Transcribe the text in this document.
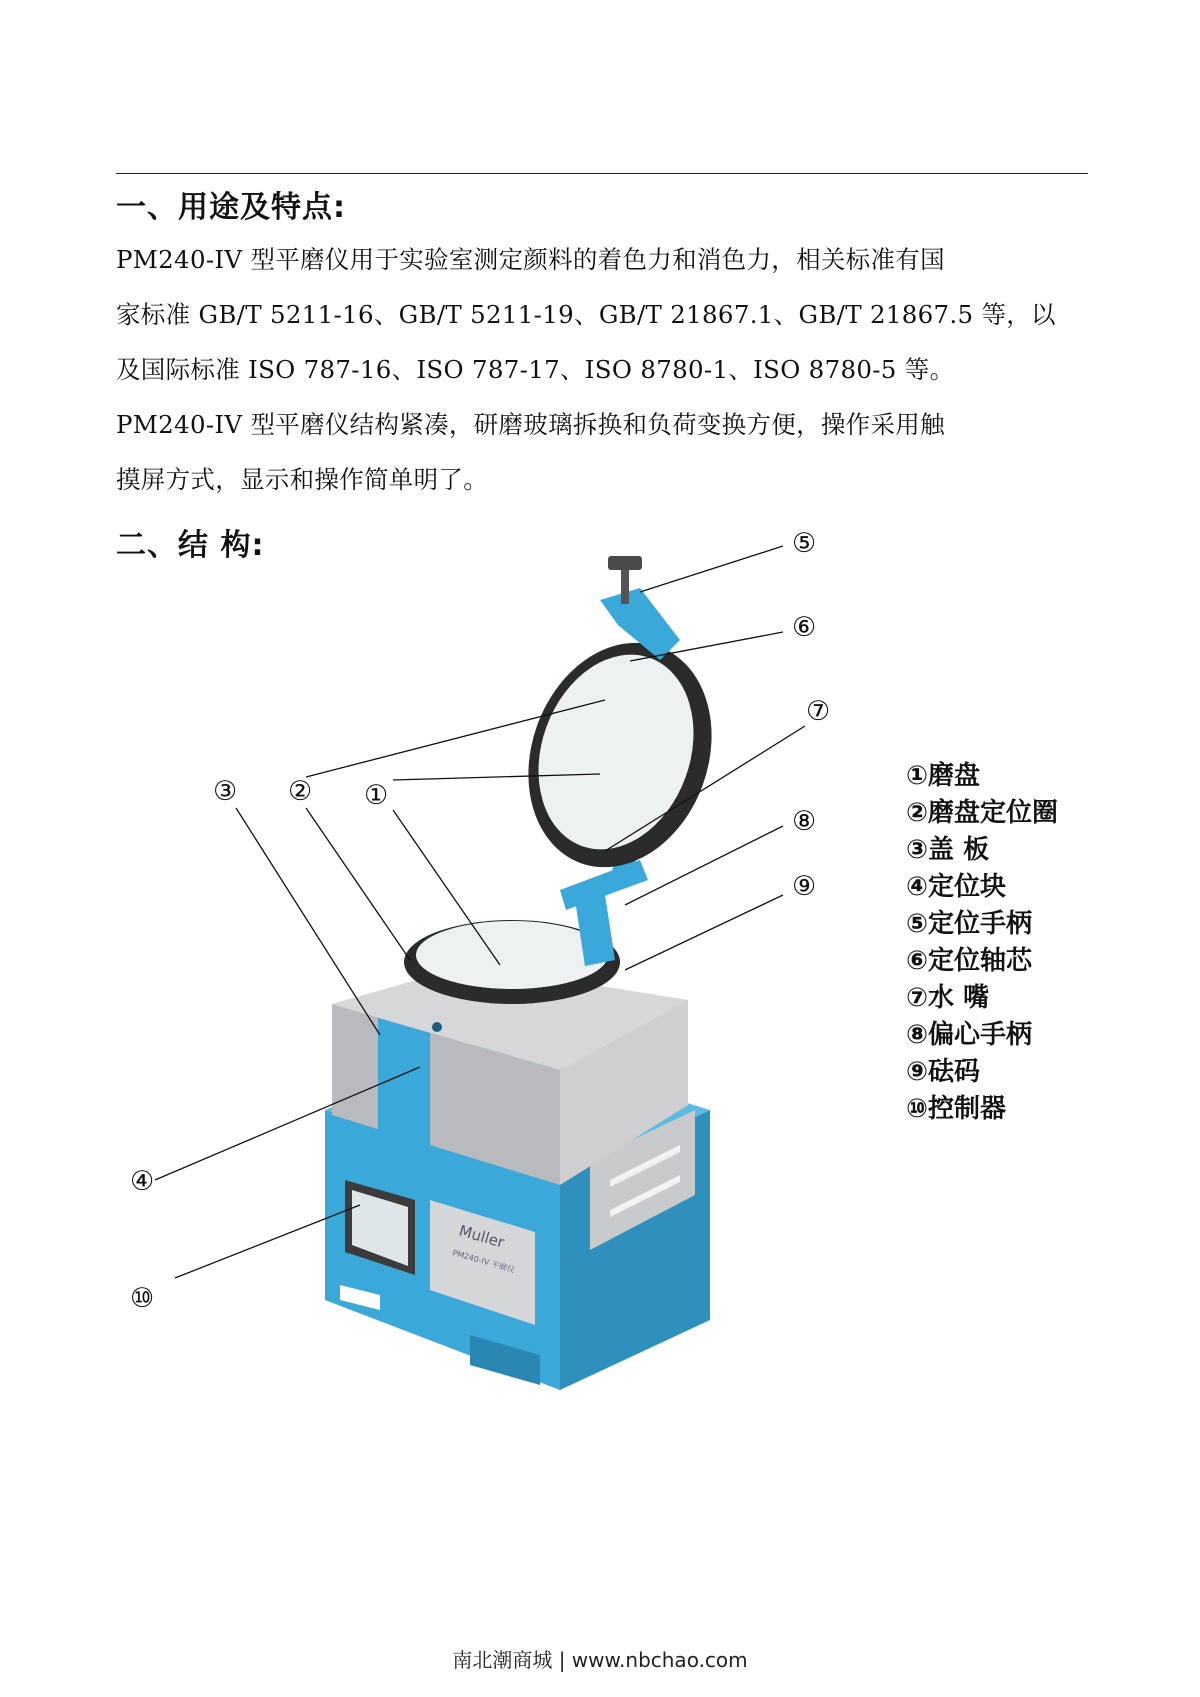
一、用途及特点:
PM240-IV 型平磨仪用于实验室测定颜料的着色力和消色力，相关标准有国
家标准 GB/T 5211-16、GB/T 5211-19、GB/T 21867.1、GB/T 21867.5 等，以
及国际标准 ISO 787-16、ISO 787-17、ISO 8780-1、ISO 8780-5 等。
PM240-IV 型平磨仪结构紧凑，研磨玻璃拆换和负荷变换方便，操作采用触
摸屏方式，显示和操作简单明了。
二、结 构:
Muller
PM240-IV 平磨仪
①
②
③
④
⑤
⑥
⑦
⑧
⑨
⑩
①磨盘
②磨盘定位圈
③盖 板
④定位块
⑤定位手柄
⑥定位轴芯
⑦水 嘴
⑧偏心手柄
⑨砝码
⑩控制器
南北潮商城 | www.nbchao.com
